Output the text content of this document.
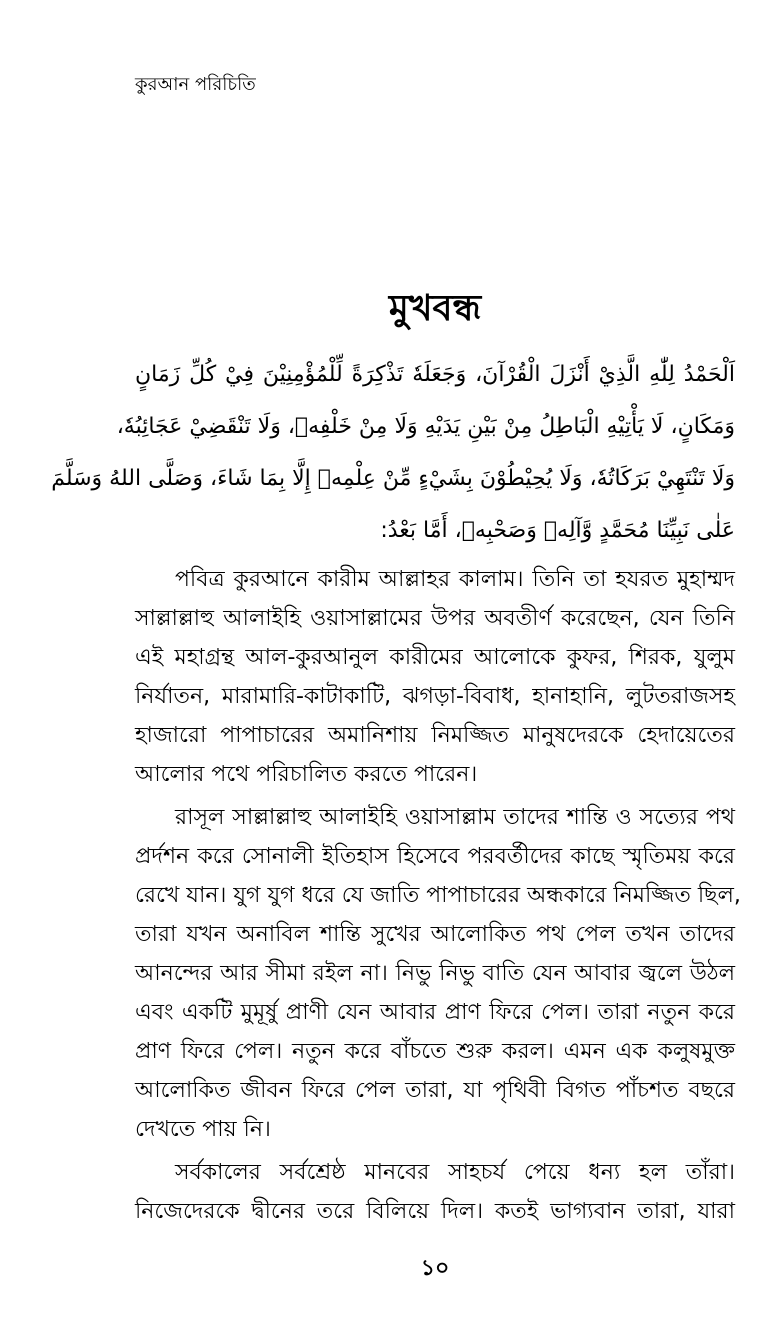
কুরআন পরিচিতি
মুখবন্ধ
اَلْحَمْدُ لِلّٰهِ الَّذِيْ أَنْزَلَ الْقُرْآنَ، وَجَعَلَهٗ تَذْكِرَةً لِّلْمُؤْمِنِيْنَ فِيْ كُلِّ زَمَانٍ
وَمَكَانٍ، لَا يَأْتِيْهِ الْبَاطِلُ مِنْ بَيْنِ يَدَيْهِ وَلَا مِنْ خَلْفِهٖ، وَلَا تَنْقَضِيْ عَجَائِبُهٗ،
وَلَا تَنْتَهِيْ بَرَكَاتُهٗ، وَلَا يُحِيْطُوْنَ بِشَيْءٍ مِّنْ عِلْمِهٖ إِلَّا بِمَا شَاءَ، وَصَلَّى اللهُ وَسَلَّمَ
عَلٰى نَبِيِّنَا مُحَمَّدٍ وَّآلِهٖ وَصَحْبِهٖ، أَمَّا بَعْدُ:
পবিত্র কুরআনে কারীম আল্লাহর কালাম। তিনি তা হযরত মুহাম্মদ
সাল্লাল্লাহু আলাইহি ওয়াসাল্লামের উপর অবতীর্ণ করেছেন, যেন তিনি
এই মহাগ্রন্থ আল-কুরআনুল কারীমের আলোকে কুফর, শিরক, যুলুম
নির্যাতন, মারামারি-কাটাকাটি, ঝগড়া-বিবাধ, হানাহানি, লুটতরাজসহ
হাজারো পাপাচারের অমানিশায় নিমজ্জিত মানুষদেরকে হেদায়েতের
আলোর পথে পরিচালিত করতে পারেন।
রাসূল সাল্লাল্লাহু আলাইহি ওয়াসাল্লাম তাদের শান্তি ও সত্যের পথ
প্রর্দশন করে সোনালী ইতিহাস হিসেবে পরবর্তীদের কাছে স্মৃতিময় করে
রেখে যান। যুগ যুগ ধরে যে জাতি পাপাচারের অন্ধকারে নিমজ্জিত ছিল,
তারা যখন অনাবিল শান্তি সুখের আলোকিত পথ পেল তখন তাদের
আনন্দের আর সীমা রইল না। নিভু নিভু বাতি যেন আবার জ্বলে উঠল
এবং একটি মুমূর্ষু প্রাণী যেন আবার প্রাণ ফিরে পেল। তারা নতুন করে
প্রাণ ফিরে পেল। নতুন করে বাঁচতে শুরু করল। এমন এক কলুষমুক্ত
আলোকিত জীবন ফিরে পেল তারা, যা পৃথিবী বিগত পাঁচশত বছরে
দেখতে পায় নি।
সর্বকালের সর্বশ্রেষ্ঠ মানবের সাহচর্য পেয়ে ধন্য হল তাঁরা।
নিজেদেরকে দ্বীনের তরে বিলিয়ে দিল। কতই ভাগ্যবান তারা, যারা
১০
